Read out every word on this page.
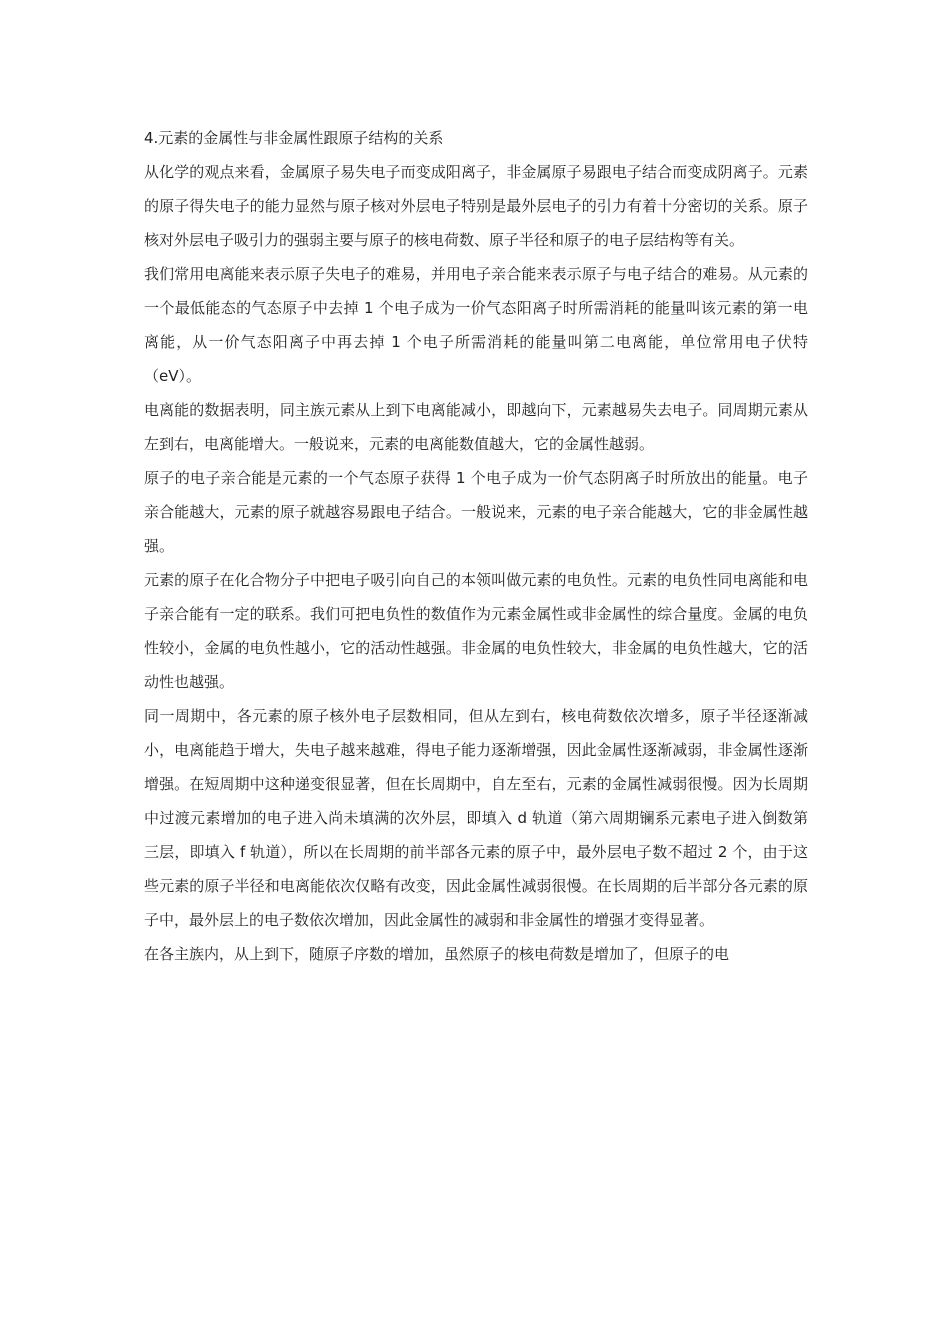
4.元素的金属性与非金属性跟原子结构的关系

从化学的观点来看，金属原子易失电子而变成阳离子，非金属原子易跟电子结合而变成阴离子。元素的原子得失电子的能力显然与原子核对外层电子特别是最外层电子的引力有着十分密切的关系。原子核对外层电子吸引力的强弱主要与原子的核电荷数、原子半径和原子的电子层结构等有关。

我们常用电离能来表示原子失电子的难易，并用电子亲合能来表示原子与电子结合的难易。从元素的一个最低能态的气态原子中去掉 1 个电子成为一价气态阳离子时所需消耗的能量叫该元素的第一电离能，从一价气态阳离子中再去掉 1 个电子所需消耗的能量叫第二电离能，单位常用电子伏特（eV）。

电离能的数据表明，同主族元素从上到下电离能减小，即越向下，元素越易失去电子。同周期元素从左到右，电离能增大。一般说来，元素的电离能数值越大，它的金属性越弱。

原子的电子亲合能是元素的一个气态原子获得 1 个电子成为一价气态阴离子时所放出的能量。电子亲合能越大，元素的原子就越容易跟电子结合。一般说来，元素的电子亲合能越大，它的非金属性越强。

元素的原子在化合物分子中把电子吸引向自己的本领叫做元素的电负性。元素的电负性同电离能和电子亲合能有一定的联系。我们可把电负性的数值作为元素金属性或非金属性的综合量度。金属的电负性较小，金属的电负性越小，它的活动性越强。非金属的电负性较大，非金属的电负性越大，它的活动性也越强。

同一周期中，各元素的原子核外电子层数相同，但从左到右，核电荷数依次增多，原子半径逐渐减小，电离能趋于增大，失电子越来越难，得电子能力逐渐增强，因此金属性逐渐减弱，非金属性逐渐增强。在短周期中这种递变很显著，但在长周期中，自左至右，元素的金属性减弱很慢。因为长周期中过渡元素增加的电子进入尚未填满的次外层，即填入 d 轨道（第六周期镧系元素电子进入倒数第三层，即填入 f 轨道），所以在长周期的前半部各元素的原子中，最外层电子数不超过 2 个，由于这些元素的原子半径和电离能依次仅略有改变，因此金属性减弱很慢。在长周期的后半部分各元素的原子中，最外层上的电子数依次增加，因此金属性的减弱和非金属性的增强才变得显著。

在各主族内，从上到下，随原子序数的增加，虽然原子的核电荷数是增加了，但原子的电
